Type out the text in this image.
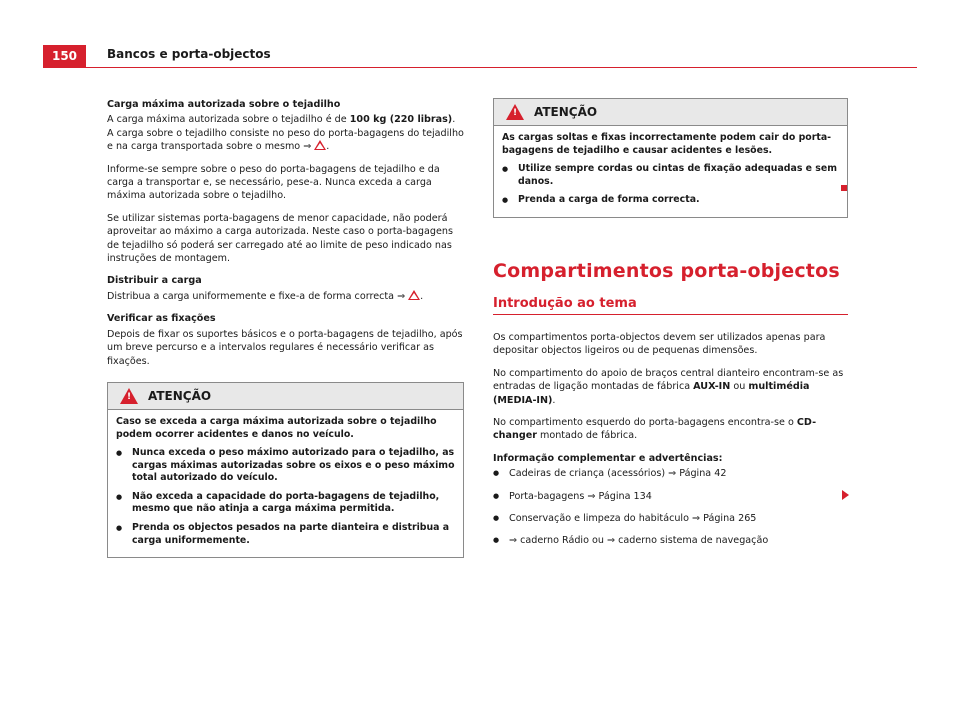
150	Bancos e porta-objectos

Carga máxima autorizada sobre o tejadilho

A carga máxima autorizada sobre o tejadilho é de 100 kg (220 libras). A carga sobre o tejadilho consiste no peso do porta-bagagens do tejadilho e na carga transportada sobre o mesmo ⇒ .

Informe-se sempre sobre o peso do porta-bagagens de tejadilho e da carga a transportar e, se necessário, pese-a. Nunca exceda a carga máxima autorizada sobre o tejadilho.

Se utilizar sistemas porta-bagagens de menor capacidade, não poderá aproveitar ao máximo a carga autorizada. Neste caso o porta-bagagens de tejadilho só poderá ser carregado até ao limite de peso indicado nas instruções de montagem.

Distribuir a carga

Distribua a carga uniformemente e fixe-a de forma correcta ⇒ .

Verificar as fixações

Depois de fixar os suportes básicos e o porta-bagagens de tejadilho, após um breve percurso e a intervalos regulares é necessário verificar as fixações.

! ATENÇÃO

Caso se exceda a carga máxima autorizada sobre o tejadilho podem ocorrer acidentes e danos no veículo.

● Nunca exceda o peso máximo autorizado para o tejadilho, as cargas máximas autorizadas sobre os eixos e o peso máximo total autorizado do veículo.

● Não exceda a capacidade do porta-bagagens de tejadilho, mesmo que não atinja a carga máxima permitida.

● Prenda os objectos pesados na parte dianteira e distribua a carga uniformemente.

! ATENÇÃO

As cargas soltas e fixas incorrectamente podem cair do porta-bagagens de tejadilho e causar acidentes e lesões.

● Utilize sempre cordas ou cintas de fixação adequadas e sem danos.

● Prenda a carga de forma correcta.

Compartimentos porta-objectos
Introdução ao tema

Os compartimentos porta-objectos devem ser utilizados apenas para depositar objectos ligeiros ou de pequenas dimensões.

No compartimento do apoio de braços central dianteiro encontram-se as entradas de ligação montadas de fábrica AUX-IN ou multimédia (MEDIA-IN).

No compartimento esquerdo do porta-bagagens encontra-se o CD-changer montado de fábrica.

Informação complementar e advertências:

● Cadeiras de criança (acessórios) ⇒ Página 42

● Porta-bagagens ⇒ Página 134

● Conservação e limpeza do habitáculo ⇒ Página 265

● ⇒ caderno Rádio ou ⇒ caderno sistema de navegação
